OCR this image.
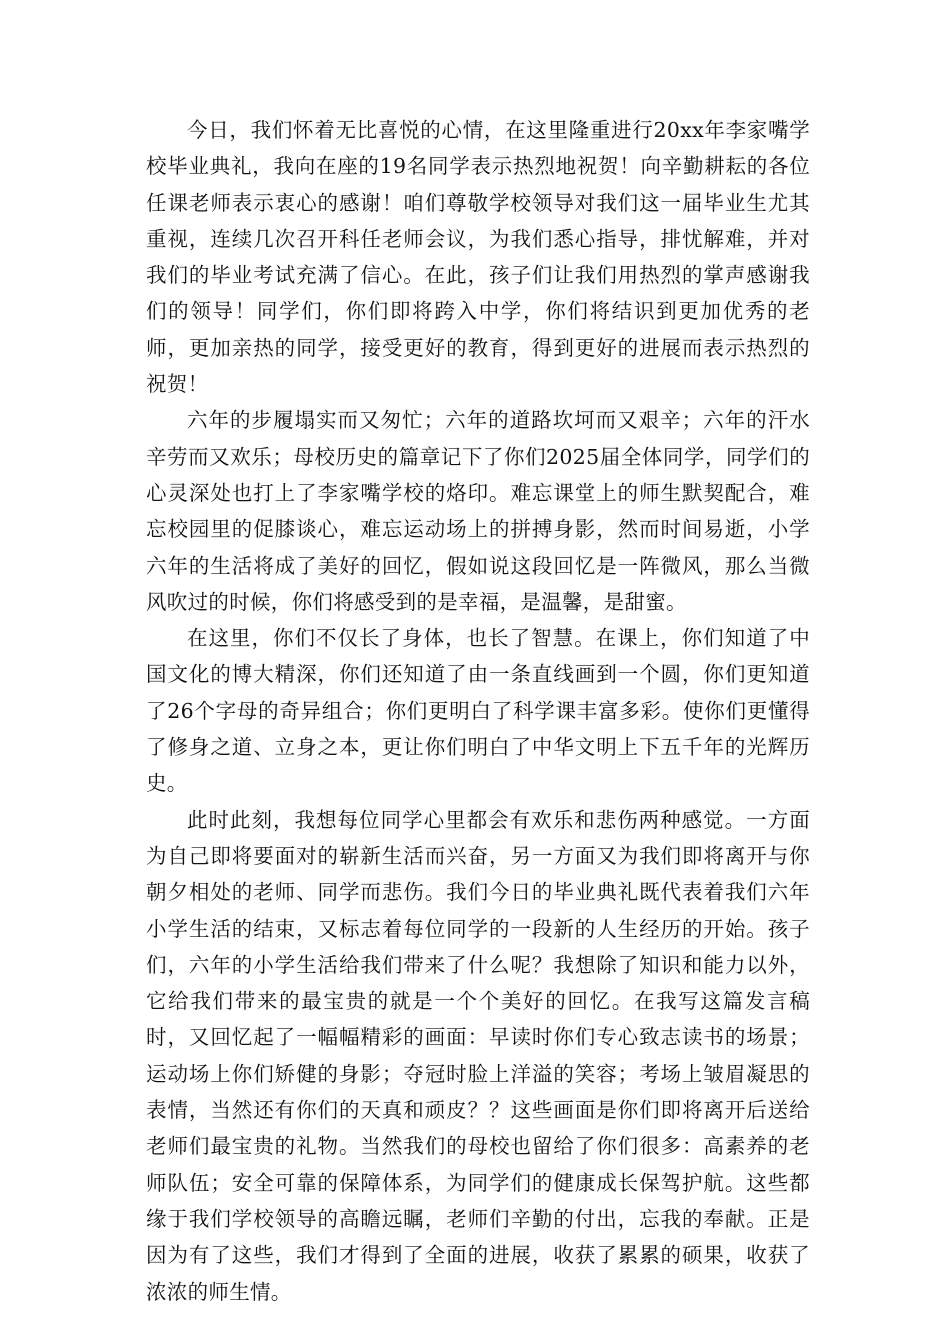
今日，我们怀着无比喜悦的心情，在这里隆重进行20xx年李家嘴学校毕业典礼，我向在座的19名同学表示热烈地祝贺！向辛勤耕耘的各位任课老师表示衷心的感谢！咱们尊敬学校领导对我们这一届毕业生尤其重视，连续几次召开科任老师会议，为我们悉心指导，排忧解难，并对我们的毕业考试充满了信心。在此，孩子们让我们用热烈的掌声感谢我们的领导！同学们，你们即将跨入中学，你们将结识到更加优秀的老师，更加亲热的同学，接受更好的教育，得到更好的进展而表示热烈的祝贺！

六年的步履塌实而又匆忙；六年的道路坎坷而又艰辛；六年的汗水辛劳而又欢乐；母校历史的篇章记下了你们2025届全体同学，同学们的心灵深处也打上了李家嘴学校的烙印。难忘课堂上的师生默契配合，难忘校园里的促膝谈心，难忘运动场上的拼搏身影，然而时间易逝，小学六年的生活将成了美好的回忆，假如说这段回忆是一阵微风，那么当微风吹过的时候，你们将感受到的是幸福，是温馨，是甜蜜。

在这里，你们不仅长了身体，也长了智慧。在课上，你们知道了中国文化的博大精深，你们还知道了由一条直线画到一个圆，你们更知道了26个字母的奇异组合；你们更明白了科学课丰富多彩。使你们更懂得了修身之道、立身之本，更让你们明白了中华文明上下五千年的光辉历史。

此时此刻，我想每位同学心里都会有欢乐和悲伤两种感觉。一方面为自己即将要面对的崭新生活而兴奋，另一方面又为我们即将离开与你朝夕相处的老师、同学而悲伤。我们今日的毕业典礼既代表着我们六年小学生活的结束，又标志着每位同学的一段新的人生经历的开始。孩子们，六年的小学生活给我们带来了什么呢？我想除了知识和能力以外，它给我们带来的最宝贵的就是一个个美好的回忆。在我写这篇发言稿时，又回忆起了一幅幅精彩的画面：早读时你们专心致志读书的场景；运动场上你们矫健的身影；夺冠时脸上洋溢的笑容；考场上皱眉凝思的表情，当然还有你们的天真和顽皮？？这些画面是你们即将离开后送给老师们最宝贵的礼物。当然我们的母校也留给了你们很多：高素养的老师队伍；安全可靠的保障体系，为同学们的健康成长保驾护航。这些都缘于我们学校领导的高瞻远瞩，老师们辛勤的付出，忘我的奉献。正是因为有了这些，我们才得到了全面的进展，收获了累累的硕果，收获了浓浓的师生情。
